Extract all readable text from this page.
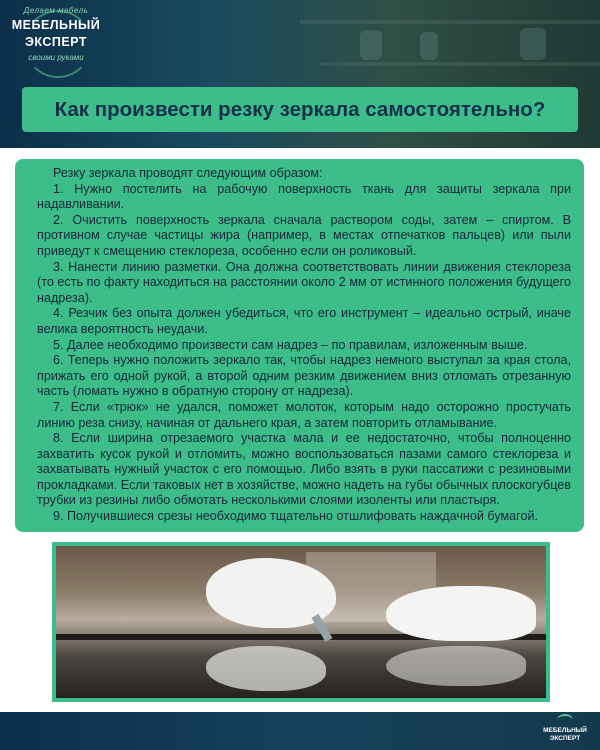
Делаем мебель
МЕБЕЛЬНЫЙ
ЭКСПЕРТ
своими руками
Как произвести резку зеркала самостоятельно?

Резку зеркала проводят следующим образом:

1. Нужно постелить на рабочую поверхность ткань для защиты зеркала при надавливании.

2. Очистить поверхность зеркала сначала раствором соды, затем – спиртом. В противном случае частицы жира (например, в местах отпечатков пальцев) или пыли приведут к смещению стеклореза, особенно если он роликовый.

3. Нанести линию разметки. Она должна соответствовать линии движения стеклореза (то есть по факту находиться на расстоянии около 2 мм от истинного положения будущего надреза).

4. Резчик без опыта должен убедиться, что его инструмент – идеально острый, иначе велика вероятность неудачи.

5. Далее необходимо произвести сам надрез – по правилам, изложенным выше.

6. Теперь нужно положить зеркало так, чтобы надрез немного выступал за края стола, прижать его одной рукой, а второй одним резким движением вниз отломать отрезанную часть (ломать нужно в обратную сторону от надреза).

7. Если «трюк» не удался, поможет молоток, которым надо осторожно простучать линию реза снизу, начиная от дальнего края, а затем повторить отламывание.

8. Если ширина отрезаемого участка мала и ее недостаточно, чтобы полноценно захватить кусок рукой и отломить, можно воспользоваться пазами самого стеклореза и захватывать нужный участок с его помощью. Либо взять в руки пассатижи с резиновыми прокладками. Если таковых нет в хозяйстве, можно надеть на губы обычных плоскогубцев трубки из резины либо обмотать несколькими слоями изоленты или пластыря.

9. Получившиеся срезы необходимо тщательно отшлифовать наждачной бумагой.

МЕБЕЛЬНЫЙ
ЭКСПЕРТ
